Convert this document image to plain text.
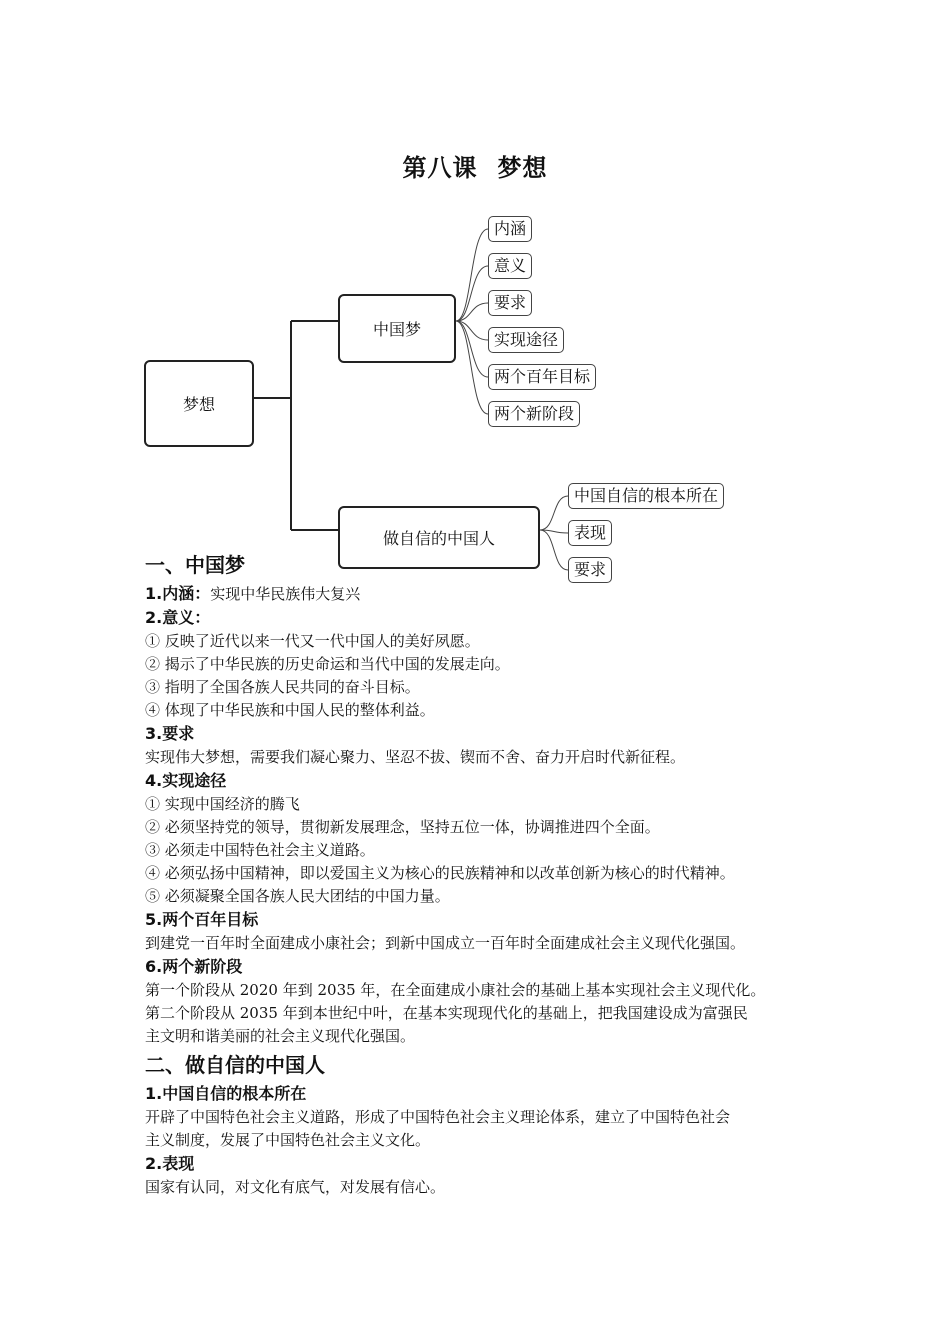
第八课 梦想
梦想
中国梦
做自信的中国人
内涵
意义
要求
实现途径
两个百年目标
两个新阶段
中国自信的根本所在
表现
要求

一、中国梦

1.内涵：实现中华民族伟大复兴

2.意义：

① 反映了近代以来一代又一代中国人的美好夙愿。

② 揭示了中华民族的历史命运和当代中国的发展走向。

③ 指明了全国各族人民共同的奋斗目标。

④ 体现了中华民族和中国人民的整体利益。

3.要求

实现伟大梦想，需要我们凝心聚力、坚忍不拔、锲而不舍、奋力开启时代新征程。

4.实现途径

① 实现中国经济的腾飞

② 必须坚持党的领导，贯彻新发展理念，坚持五位一体，协调推进四个全面。

③ 必须走中国特色社会主义道路。

④ 必须弘扬中国精神，即以爱国主义为核心的民族精神和以改革创新为核心的时代精神。

⑤ 必须凝聚全国各族人民大团结的中国力量。

5.两个百年目标

到建党一百年时全面建成小康社会；到新中国成立一百年时全面建成社会主义现代化强国。

6.两个新阶段

第一个阶段从 2020 年到 2035 年，在全面建成小康社会的基础上基本实现社会主义现代化。

第二个阶段从 2035 年到本世纪中叶，在基本实现现代化的基础上，把我国建设成为富强民

主文明和谐美丽的社会主义现代化强国。

二、做自信的中国人

1.中国自信的根本所在

开辟了中国特色社会主义道路，形成了中国特色社会主义理论体系，建立了中国特色社会

主义制度，发展了中国特色社会主义文化。

2.表现

国家有认同，对文化有底气，对发展有信心。
